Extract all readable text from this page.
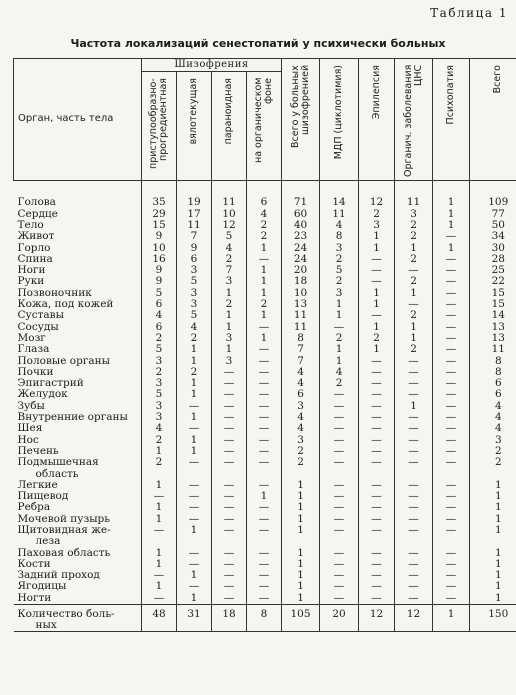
Таблица 1
Частота локализаций сенестопатий у психически больных
Орган, часть тела	Шизофрения				Всего у больных шизофренией	МДП (циклотимия)	Эпилепсия	Органич. заболевания ЦНС	Психопатия	Всего

	приступообразно-прогредиентная	вялотекущая	параноидная	на органическом фоне						

Голова	35	19	11	6	71	14	12	11	1	109
Сердце	29	17	10	4	60	11	2	3	1	77
Тело	15	11	12	2	40	4	3	2	1	50
Живот	9	7	5	2	23	8	1	2	—	34
Горло	10	9	4	1	24	3	1	1	1	30
Спина	16	6	2	—	24	2	—	2	—	28
Ноги	9	3	7	1	20	5	—	—	—	25
Руки	9	5	3	1	18	2	—	2	—	22
Позвоночник	5	3	1	1	10	3	1	1	—	15
Кожа, под кожей	6	3	2	2	13	1	1	—	—	15
Суставы	4	5	1	1	11	1	—	2	—	14
Сосуды	6	4	1	—	11	—	1	1	—	13
Мозг	2	2	3	1	8	2	2	1	—	13
Глаза	5	1	1	—	7	1	1	2	—	11
Половые органы	3	1	3	—	7	1	—	—	—	8
Почки	2	2	—	—	4	4	—	—	—	8
Эпигастрий	3	1	—	—	4	2	—	—	—	6
Желудок	5	1	—	—	6	—	—	—	—	6
Зубы	3	—	—	—	3	—	—	1	—	4
Внутренние органы	3	1	—	—	4	—	—	—	—	4
Шея	4	—	—	—	4	—	—	—	—	4
Нос	2	1	—	—	3	—	—	—	—	3
Печень	1	1	—	—	2	—	—	—	—	2
Подмышечная	2	—	—	—	2	—	—	—	—	2
область										
Легкие	1	—	—	—	1	—	—	—	—	1
Пищевод	—	—	—	1	1	—	—	—	—	1
Ребра	1	—	—	—	1	—	—	—	—	1
Мочевой пузырь	1	—	—	—	1	—	—	—	—	1
Щитовидная же-	—	1	—	—	1	—	—	—	—	1
леза										
Паховая область	1	—	—	—	1	—	—	—	—	1
Кости	1	—	—	—	1	—	—	—	—	1
Задний проход	—	1	—	—	1	—	—	—	—	1
Ягодицы	1	—	—	—	1	—	—	—	—	1
Ногти	—	1	—	—	1	—	—	—	—	1
Количество боль-	48	31	18	8	105	20	12	12	1	150
ных										
